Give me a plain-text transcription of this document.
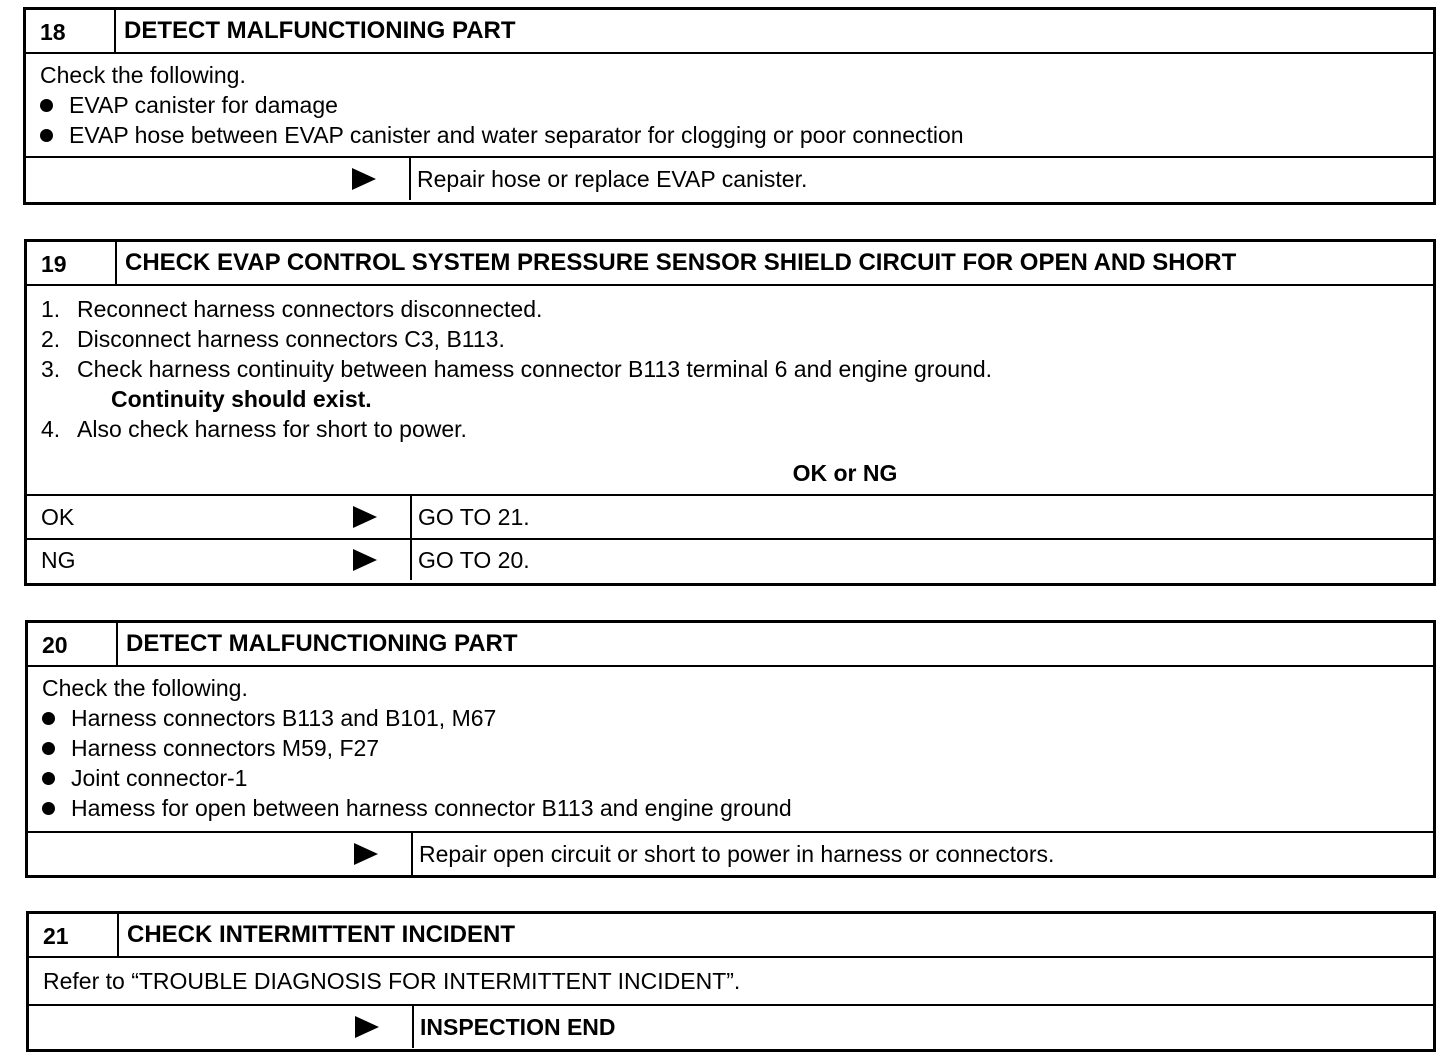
18	DETECT MALFUNCTIONING PART
Check the following.
EVAP canister for damage
EVAP hose between EVAP canister and water separator for clogging or poor connection
Repair hose or replace EVAP canister.
19	CHECK EVAP CONTROL SYSTEM PRESSURE SENSOR SHIELD CIRCUIT FOR OPEN AND SHORT
1. Reconnect harness connectors disconnected.
2. Disconnect harness connectors C3, B113.
3. Check harness continuity between hamess connector B113 terminal 6 and engine ground.
Continuity should exist.
4. Also check harness for short to power.
OK or NG
OK	GO TO 21.
NG	GO TO 20.
20	DETECT MALFUNCTIONING PART
Check the following.
Harness connectors B113 and B101, M67
Harness connectors M59, F27
Joint connector-1
Hamess for open between harness connector B113 and engine ground
Repair open circuit or short to power in harness or connectors.
21	CHECK INTERMITTENT INCIDENT
Refer to “TROUBLE DIAGNOSIS FOR INTERMITTENT INCIDENT”.
INSPECTION END
